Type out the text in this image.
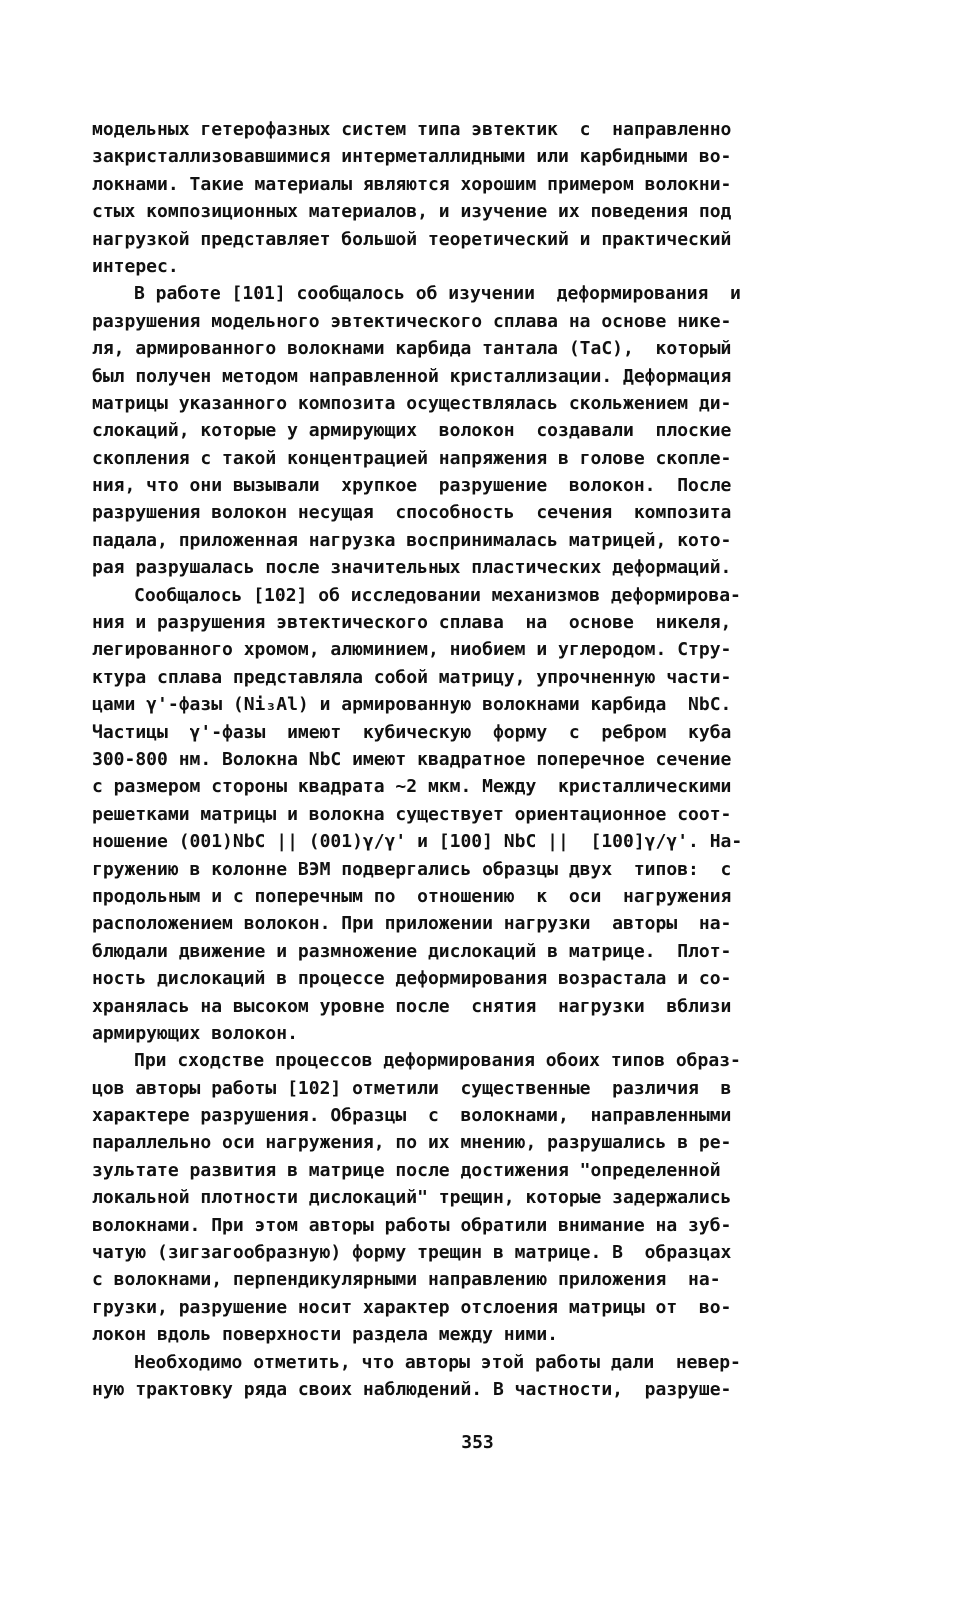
модельных гетерофазных систем типа эвтектик  с  направленно
закристаллизовавшимися интерметаллидными или карбидными во-
локнами. Такие материалы являются хорошим примером волокни-
стых композиционных материалов, и изучение их поведения под
нагрузкой представляет большой теоретический и практический
интерес.
В работе [101] сообщалось об изучении  деформирования  и
разрушения модельного эвтектического сплава на основе нике-
ля, армированного волокнами карбида тантала (TaC),  который
был получен методом направленной кристаллизации. Деформация
матрицы указанного композита осуществлялась скольжением ди-
слокаций, которые у армирующих  волокон  создавали  плоские
скопления с такой концентрацией напряжения в голове скопле-
ния, что они вызывали  хрупкое  разрушение  волокон.  После
разрушения волокон несущая  способность  сечения  композита
падала, приложенная нагрузка воспринималась матрицей, кото-
рая разрушалась после значительных пластических деформаций.
Сообщалось [102] об исследовании механизмов деформирова-
ния и разрушения эвтектического сплава  на  основе  никеля,
легированного хромом, алюминием, ниобием и углеродом. Стру-
ктура сплава представляла собой матрицу, упрочненную части-
цами γ'-фазы (Ni₃Al) и армированную волокнами карбида  NbC.
Частицы  γ'-фазы  имеют  кубическую  форму  с  ребром  куба
300-800 нм. Волокна NbC имеют квадратное поперечное сечение
с размером стороны квадрата ~2 мкм. Между  кристаллическими
решетками матрицы и волокна существует ориентационное соот-
ношение (001)NbC || (001)γ/γ' и [100] NbC ||  [100]γ/γ'. На-
гружению в колонне ВЭМ подвергались образцы двух  типов:  с
продольным и с поперечным по  отношению  к  оси  нагружения
расположением волокон. При приложении нагрузки  авторы  на-
блюдали движение и размножение дислокаций в матрице.  Плот-
ность дислокаций в процессе деформирования возрастала и со-
хранялась на высоком уровне после  снятия  нагрузки  вблизи
армирующих волокон.
При сходстве процессов деформирования обоих типов образ-
цов авторы работы [102] отметили  существенные  различия  в
характере разрушения. Образцы  с  волокнами,  направленными
параллельно оси нагружения, по их мнению, разрушались в ре-
зультате развития в матрице после достижения "определенной
локальной плотности дислокаций" трещин, которые задержались
волокнами. При этом авторы работы обратили внимание на зуб-
чатую (зигзагообразную) форму трещин в матрице. В  образцах
с волокнами, перпендикулярными направлению приложения  на-
грузки, разрушение носит характер отслоения матрицы от  во-
локон вдоль поверхности раздела между ними.
Необходимо отметить, что авторы этой работы дали  невер-
ную трактовку ряда своих наблюдений. В частности,  разруше-
353
